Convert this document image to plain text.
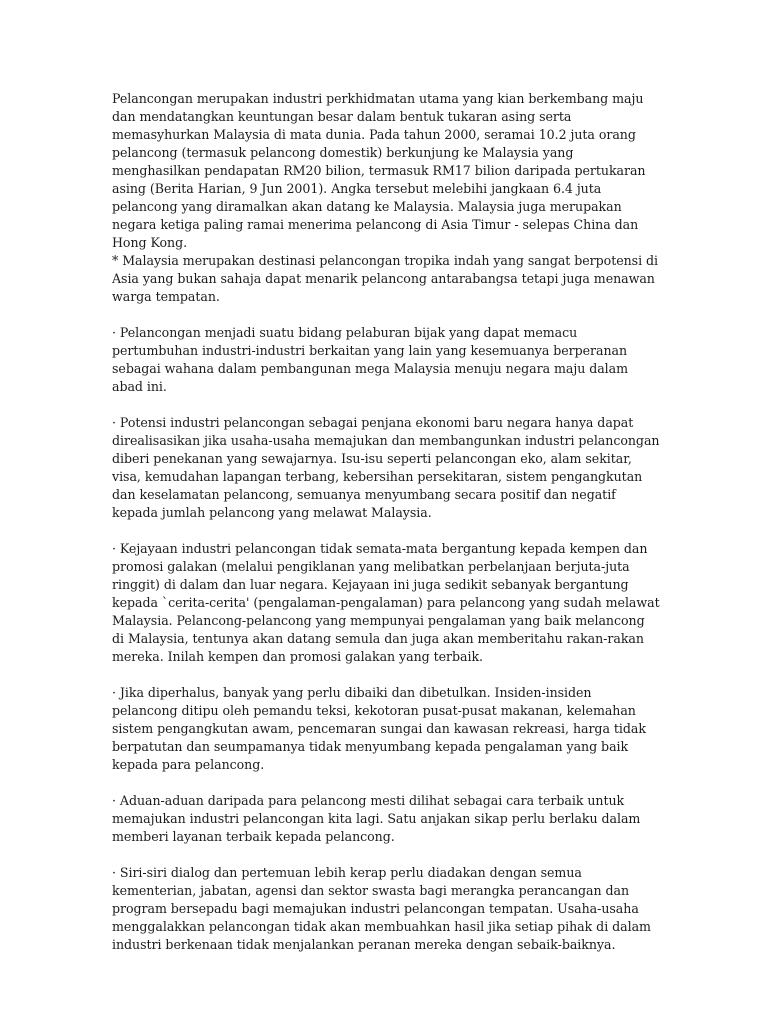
Pelancongan merupakan industri perkhidmatan utama yang kian berkembang maju dan mendatangkan keuntungan besar dalam bentuk tukaran asing serta memasyhurkan Malaysia di mata dunia. Pada tahun 2000, seramai 10.2 juta orang pelancong (termasuk pelancong domestik) berkunjung ke Malaysia yang menghasilkan pendapatan RM20 bilion, termasuk RM17 bilion daripada pertukaran asing (Berita Harian, 9 Jun 2001). Angka tersebut melebihi jangkaan 6.4 juta pelancong yang diramalkan akan datang ke Malaysia. Malaysia juga merupakan negara ketiga paling ramai menerima pelancong di Asia Timur - selepas China dan Hong Kong.

* Malaysia merupakan destinasi pelancongan tropika indah yang sangat berpotensi di Asia yang bukan sahaja dapat menarik pelancong antarabangsa tetapi juga menawan warga tempatan.

· Pelancongan menjadi suatu bidang pelaburan bijak yang dapat memacu pertumbuhan industri-industri berkaitan yang lain yang kesemuanya berperanan sebagai wahana dalam pembangunan mega Malaysia menuju negara maju dalam abad ini.

· Potensi industri pelancongan sebagai penjana ekonomi baru negara hanya dapat direalisasikan jika usaha-usaha memajukan dan membangunkan industri pelancongan diberi penekanan yang sewajarnya. Isu-isu seperti pelancongan eko, alam sekitar, visa, kemudahan lapangan terbang, kebersihan persekitaran, sistem pengangkutan dan keselamatan pelancong, semuanya menyumbang secara positif dan negatif kepada jumlah pelancong yang melawat Malaysia.

· Kejayaan industri pelancongan tidak semata-mata bergantung kepada kempen dan promosi galakan (melalui pengiklanan yang melibatkan perbelanjaan berjuta-juta ringgit) di dalam dan luar negara. Kejayaan ini juga sedikit sebanyak bergantung kepada `cerita-cerita' (pengalaman-pengalaman) para pelancong yang sudah melawat Malaysia. Pelancong-pelancong yang mempunyai pengalaman yang baik melancong di Malaysia, tentunya akan datang semula dan juga akan memberitahu rakan-rakan mereka. Inilah kempen dan promosi galakan yang terbaik.

· Jika diperhalus, banyak yang perlu dibaiki dan dibetulkan. Insiden-insiden pelancong ditipu oleh pemandu teksi, kekotoran pusat-pusat makanan, kelemahan sistem pengangkutan awam, pencemaran sungai dan kawasan rekreasi, harga tidak berpatutan dan seumpamanya tidak menyumbang kepada pengalaman yang baik kepada para pelancong.

· Aduan-aduan daripada para pelancong mesti dilihat sebagai cara terbaik untuk memajukan industri pelancongan kita lagi. Satu anjakan sikap perlu berlaku dalam memberi layanan terbaik kepada pelancong.

· Siri-siri dialog dan pertemuan lebih kerap perlu diadakan dengan semua kementerian, jabatan, agensi dan sektor swasta bagi merangka perancangan dan program bersepadu bagi memajukan industri pelancongan tempatan. Usaha-usaha menggalakkan pelancongan tidak akan membuahkan hasil jika setiap pihak di dalam industri berkenaan tidak menjalankan peranan mereka dengan sebaik-baiknya.
